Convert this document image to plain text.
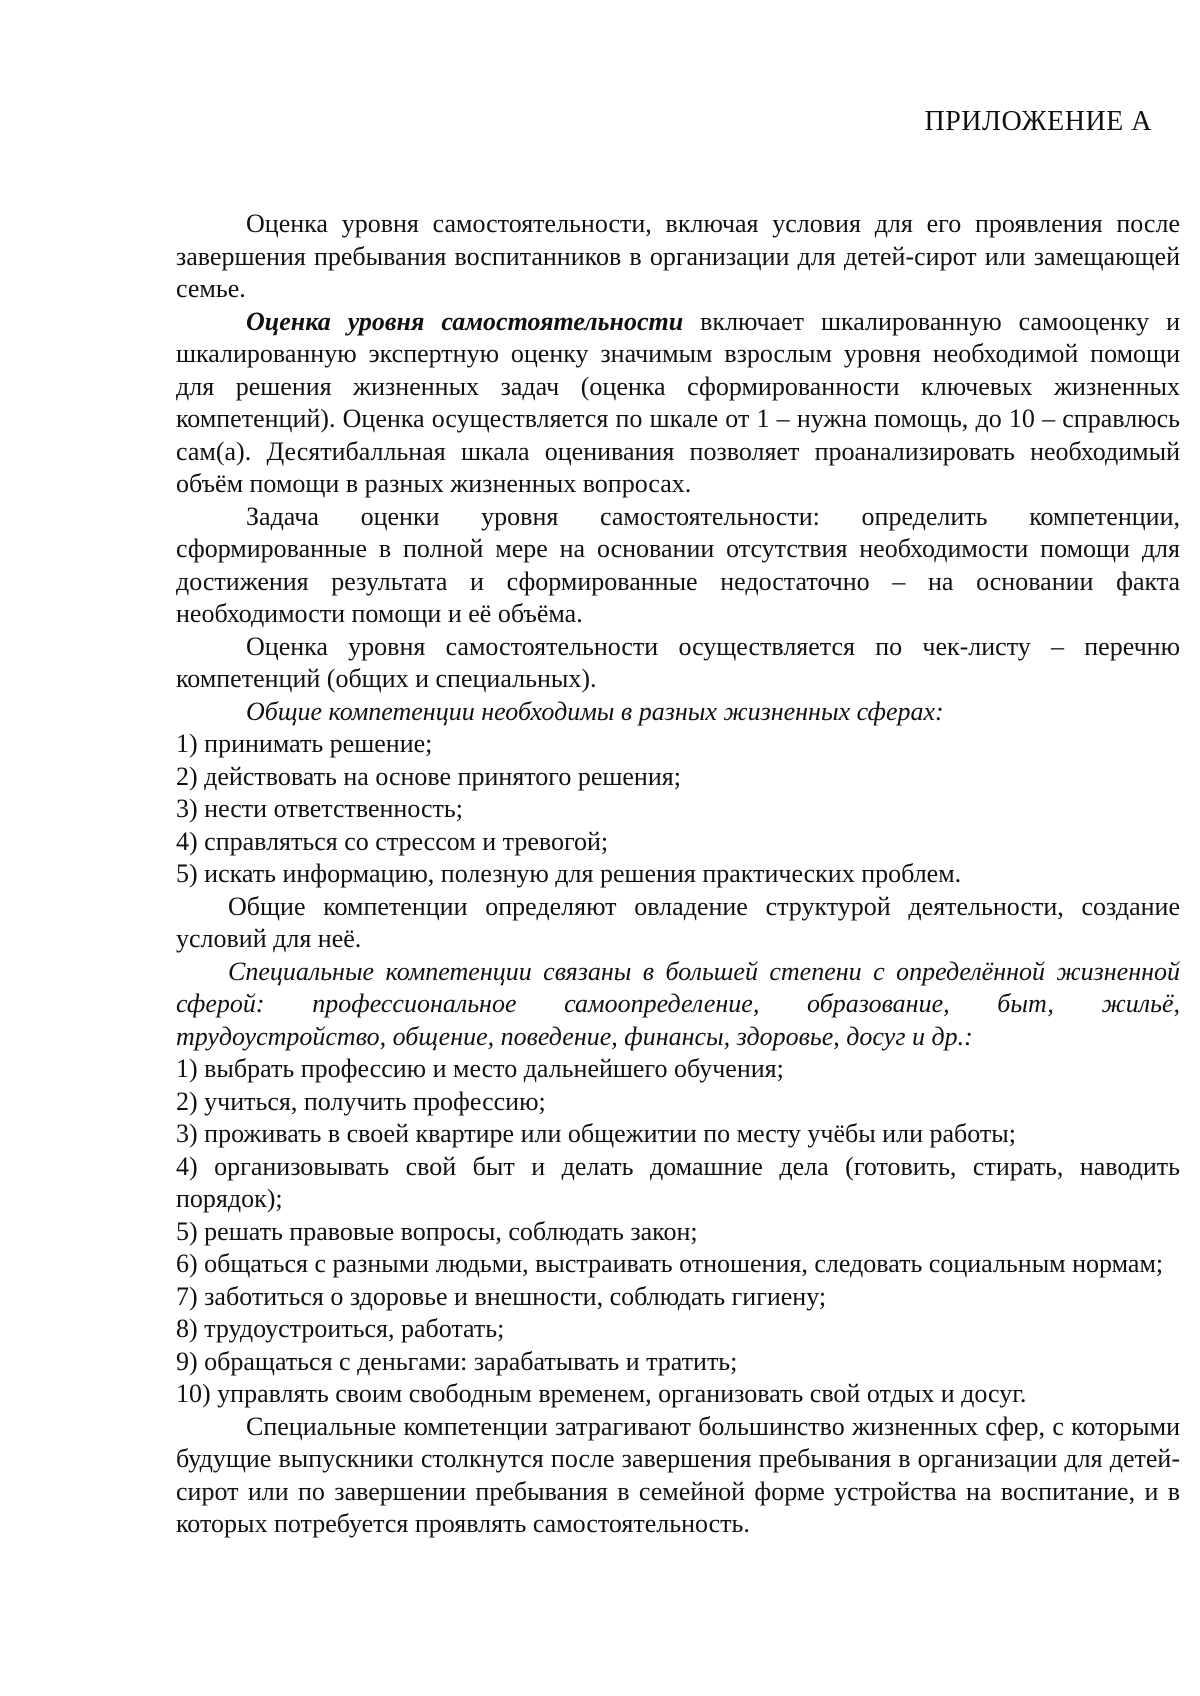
ПРИЛОЖЕНИЕ А

Оценка уровня самостоятельности, включая условия для его проявления после завершения пребывания воспитанников в организации для детей-сирот или замещающей семье.

Оценка уровня самостоятельности включает шкалированную самооценку и шкалированную экспертную оценку значимым взрослым уровня необходимой помощи для решения жизненных задач (оценка сформированности ключевых жизненных компетенций). Оценка осуществляется по шкале от 1 – нужна помощь, до 10 – справлюсь сам(а). Десятибалльная шкала оценивания позволяет проанализировать необходимый объём помощи в разных жизненных вопросах.

Задача оценки уровня самостоятельности: определить компетенции, сформированные в полной мере на основании отсутствия необходимости помощи для достижения результата и сформированные недостаточно – на основании факта необходимости помощи и её объёма.

Оценка уровня самостоятельности осуществляется по чек-листу – перечню компетенций (общих и специальных).

Общие компетенции необходимы в разных жизненных сферах:

1) принимать решение;

2) действовать на основе принятого решения;

3) нести ответственность;

4) справляться со стрессом и тревогой;

5) искать информацию, полезную для решения практических проблем.

Общие компетенции определяют овладение структурой деятельности, создание условий для неё.

Специальные компетенции связаны в большей степени с определённой жизненной сферой: профессиональное самоопределение, образование, быт, жильё, трудоустройство, общение, поведение, финансы, здоровье, досуг и др.:

1) выбрать профессию и место дальнейшего обучения;

2) учиться, получить профессию;

3) проживать в своей квартире или общежитии по месту учёбы или работы;

4) организовывать свой быт и делать домашние дела (готовить, стирать, наводить порядок);

5) решать правовые вопросы, соблюдать закон;

6) общаться с разными людьми, выстраивать отношения, следовать социальным нормам;

7) заботиться о здоровье и внешности, соблюдать гигиену;

8) трудоустроиться, работать;

9) обращаться с деньгами: зарабатывать и тратить;

10) управлять своим свободным временем, организовать свой отдых и досуг.

Специальные компетенции затрагивают большинство жизненных сфер, с которыми будущие выпускники столкнутся после завершения пребывания в организации для детей-сирот или по завершении пребывания в семейной форме устройства на воспитание, и в которых потребуется проявлять самостоятельность.
